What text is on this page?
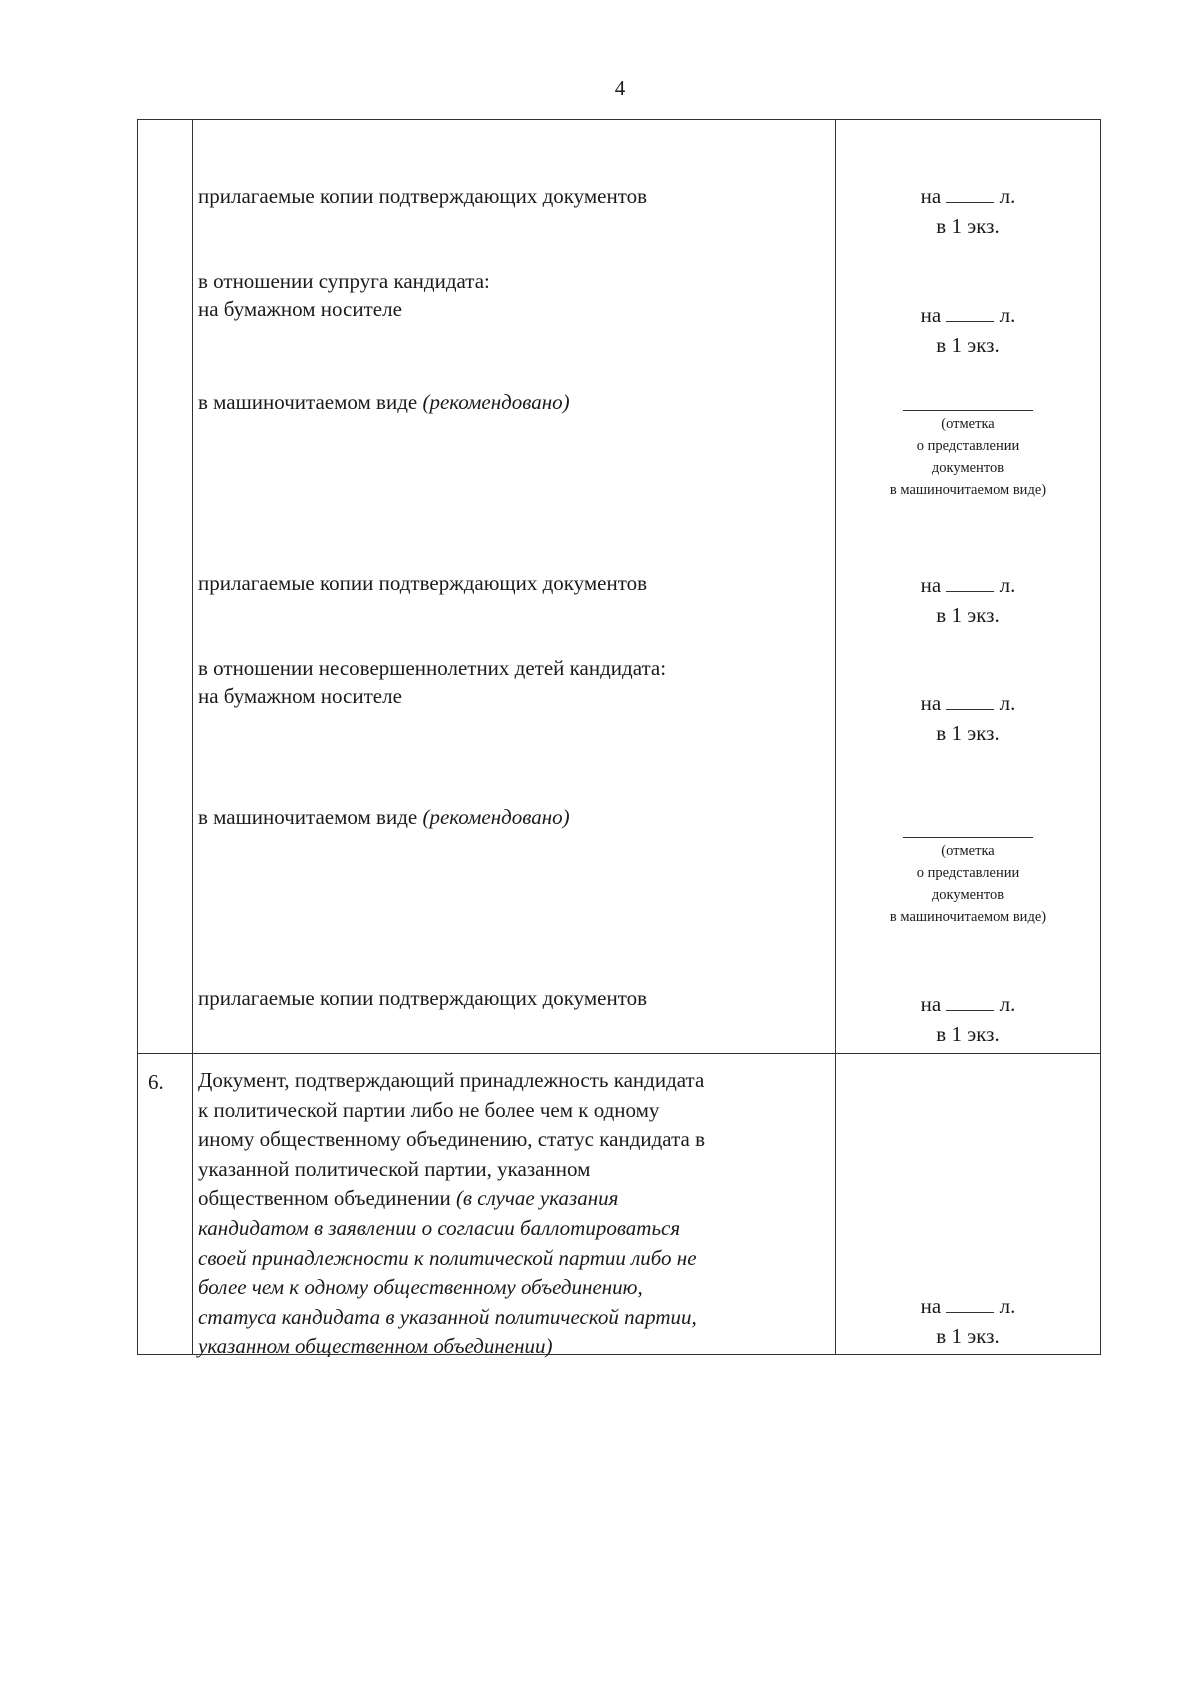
4
прилагаемые копии подтверждающих документов	на	л.
в 1 экз.
в отношении супруга кандидата:
на бумажном носителе	на	л.
в 1 экз.
в машиночитаемом виде (рекомендовано)
(отметка
о представлении
документов
в машиночитаемом виде)
прилагаемые копии подтверждающих документов	на	л.
в 1 экз.
в отношении несовершеннолетних детей кандидата:
на бумажном носителе	на	л.
в 1 экз.
в машиночитаемом виде (рекомендовано)
(отметка
о представлении
документов
в машиночитаемом виде)
прилагаемые копии подтверждающих документов	на	л.
в 1 экз.
6. Документ, подтверждающий принадлежность кандидата
к политической партии либо не более чем к одному
иному общественному объединению, статус кандидата в
указанной политической партии, указанном
общественном объединении (в случае указания
кандидатом в заявлении о согласии баллотироваться
своей принадлежности к политической партии либо не
более чем к одному общественному объединению,
статуса кандидата в указанной политической партии,
указанном общественном объединении)
на	л.
в 1 экз.
